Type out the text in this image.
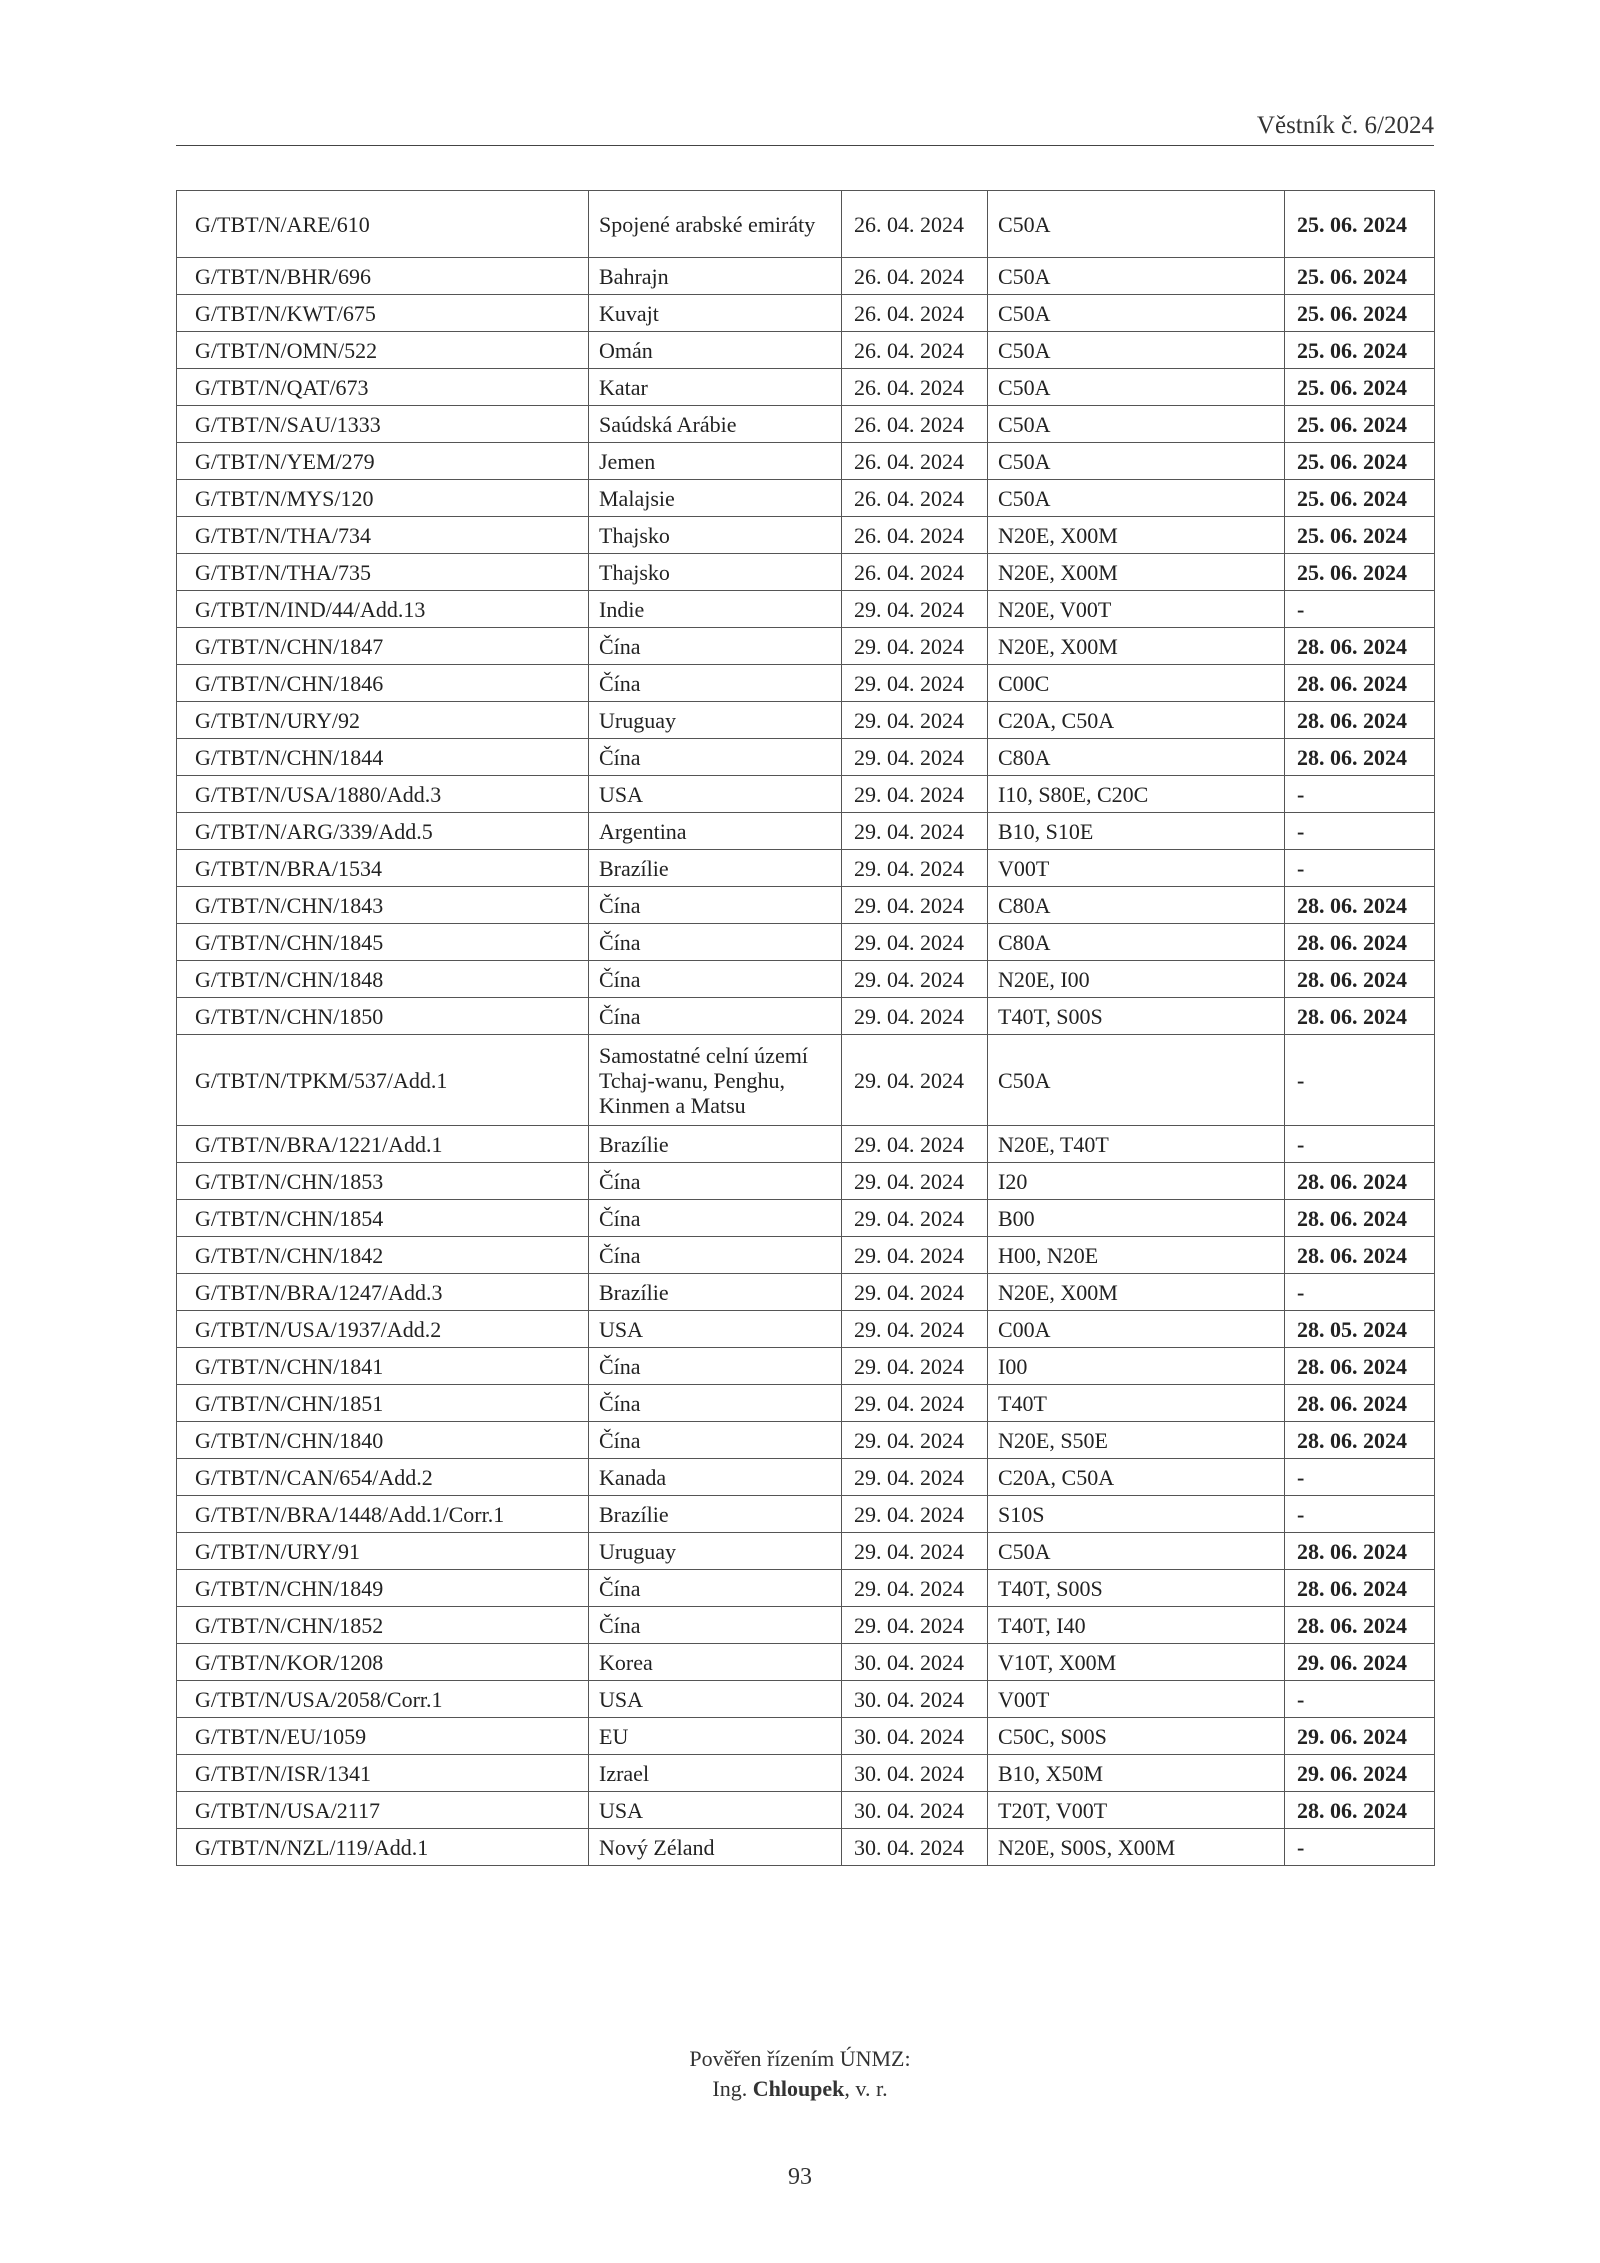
Věstník č. 6/2024
G/TBT/N/ARE/610	Spojené arabské emiráty	26. 04. 2024	C50A	25. 06. 2024
G/TBT/N/BHR/696	Bahrajn	26. 04. 2024	C50A	25. 06. 2024
G/TBT/N/KWT/675	Kuvajt	26. 04. 2024	C50A	25. 06. 2024
G/TBT/N/OMN/522	Omán	26. 04. 2024	C50A	25. 06. 2024
G/TBT/N/QAT/673	Katar	26. 04. 2024	C50A	25. 06. 2024
G/TBT/N/SAU/1333	Saúdská Arábie	26. 04. 2024	C50A	25. 06. 2024
G/TBT/N/YEM/279	Jemen	26. 04. 2024	C50A	25. 06. 2024
G/TBT/N/MYS/120	Malajsie	26. 04. 2024	C50A	25. 06. 2024
G/TBT/N/THA/734	Thajsko	26. 04. 2024	N20E, X00M	25. 06. 2024
G/TBT/N/THA/735	Thajsko	26. 04. 2024	N20E, X00M	25. 06. 2024
G/TBT/N/IND/44/Add.13	Indie	29. 04. 2024	N20E, V00T	-
G/TBT/N/CHN/1847	Čína	29. 04. 2024	N20E, X00M	28. 06. 2024
G/TBT/N/CHN/1846	Čína	29. 04. 2024	C00C	28. 06. 2024
G/TBT/N/URY/92	Uruguay	29. 04. 2024	C20A, C50A	28. 06. 2024
G/TBT/N/CHN/1844	Čína	29. 04. 2024	C80A	28. 06. 2024
G/TBT/N/USA/1880/Add.3	USA	29. 04. 2024	I10, S80E, C20C	-
G/TBT/N/ARG/339/Add.5	Argentina	29. 04. 2024	B10, S10E	-
G/TBT/N/BRA/1534	Brazílie	29. 04. 2024	V00T	-
G/TBT/N/CHN/1843	Čína	29. 04. 2024	C80A	28. 06. 2024
G/TBT/N/CHN/1845	Čína	29. 04. 2024	C80A	28. 06. 2024
G/TBT/N/CHN/1848	Čína	29. 04. 2024	N20E, I00	28. 06. 2024
G/TBT/N/CHN/1850	Čína	29. 04. 2024	T40T, S00S	28. 06. 2024
G/TBT/N/TPKM/537/Add.1	Samostatné celní území Tchaj-wanu, Penghu, Kinmen a Matsu	29. 04. 2024	C50A	-
G/TBT/N/BRA/1221/Add.1	Brazílie	29. 04. 2024	N20E, T40T	-
G/TBT/N/CHN/1853	Čína	29. 04. 2024	I20	28. 06. 2024
G/TBT/N/CHN/1854	Čína	29. 04. 2024	B00	28. 06. 2024
G/TBT/N/CHN/1842	Čína	29. 04. 2024	H00, N20E	28. 06. 2024
G/TBT/N/BRA/1247/Add.3	Brazílie	29. 04. 2024	N20E, X00M	-
G/TBT/N/USA/1937/Add.2	USA	29. 04. 2024	C00A	28. 05. 2024
G/TBT/N/CHN/1841	Čína	29. 04. 2024	I00	28. 06. 2024
G/TBT/N/CHN/1851	Čína	29. 04. 2024	T40T	28. 06. 2024
G/TBT/N/CHN/1840	Čína	29. 04. 2024	N20E, S50E	28. 06. 2024
G/TBT/N/CAN/654/Add.2	Kanada	29. 04. 2024	C20A, C50A	-
G/TBT/N/BRA/1448/Add.1/Corr.1	Brazílie	29. 04. 2024	S10S	-
G/TBT/N/URY/91	Uruguay	29. 04. 2024	C50A	28. 06. 2024
G/TBT/N/CHN/1849	Čína	29. 04. 2024	T40T, S00S	28. 06. 2024
G/TBT/N/CHN/1852	Čína	29. 04. 2024	T40T, I40	28. 06. 2024
G/TBT/N/KOR/1208	Korea	30. 04. 2024	V10T, X00M	29. 06. 2024
G/TBT/N/USA/2058/Corr.1	USA	30. 04. 2024	V00T	-
G/TBT/N/EU/1059	EU	30. 04. 2024	C50C, S00S	29. 06. 2024
G/TBT/N/ISR/1341	Izrael	30. 04. 2024	B10, X50M	29. 06. 2024
G/TBT/N/USA/2117	USA	30. 04. 2024	T20T, V00T	28. 06. 2024
G/TBT/N/NZL/119/Add.1	Nový Zéland	30. 04. 2024	N20E, S00S, X00M	-
Pověřen řízením ÚNMZ:
Ing. Chloupek, v. r.
93
